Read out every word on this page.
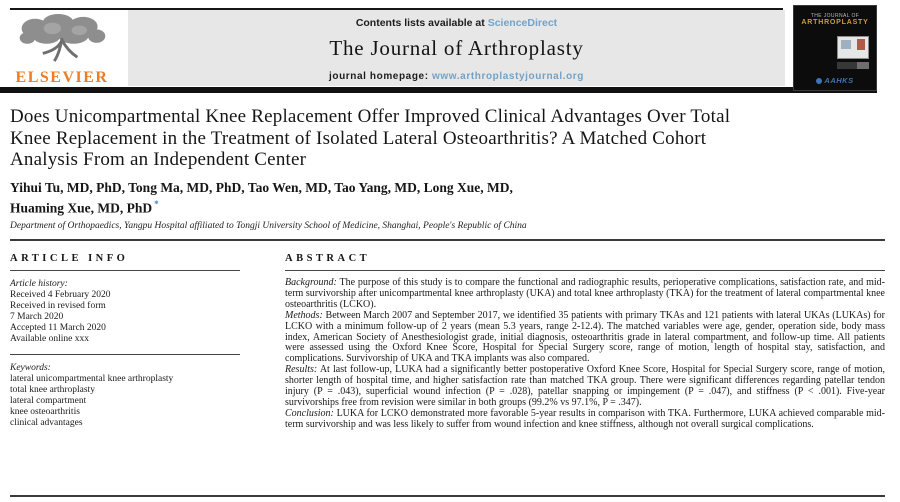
ELSEVIER
Contents lists available at ScienceDirect
The Journal of Arthroplasty
journal homepage: www.arthroplastyjournal.org
THE JOURNAL OF
ARTHROPLASTY
AAHKS
Does Unicompartmental Knee Replacement Offer Improved Clinical Advantages Over Total Knee Replacement in the Treatment of Isolated Lateral Osteoarthritis? A Matched Cohort Analysis From an Independent Center
Yihui Tu, MD, PhD, Tong Ma, MD, PhD, Tao Wen, MD, Tao Yang, MD, Long Xue, MD,
Huaming Xue, MD, PhD *
Department of Orthopaedics, Yangpu Hospital affiliated to Tongji University School of Medicine, Shanghai, People's Republic of China
ARTICLE INFO
Article history:
Received 4 February 2020
Received in revised form
7 March 2020
Accepted 11 March 2020
Available online xxx
Keywords:
lateral unicompartmental knee arthroplasty
total knee arthroplasty
lateral compartment
knee osteoarthritis
clinical advantages
ABSTRACT

Background: The purpose of this study is to compare the functional and radiographic results, perioperative complications, satisfaction rate, and mid-term survivorship after unicompartmental knee arthroplasty (UKA) and total knee arthroplasty (TKA) for the treatment of lateral compartmental knee osteoarthritis (LCKO).

Methods: Between March 2007 and September 2017, we identified 35 patients with primary TKAs and 121 patients with lateral UKAs (LUKAs) for LCKO with a minimum follow-up of 2 years (mean 5.3 years, range 2-12.4). The matched variables were age, gender, operation side, body mass index, American Society of Anesthesiologist grade, initial diagnosis, osteoarthritis grade in lateral compartment, and follow-up time. All patients were assessed using the Oxford Knee Score, Hospital for Special Surgery score, range of motion, length of hospital stay, satisfaction, and complications. Survivorship of UKA and TKA implants was also compared.

Results: At last follow-up, LUKA had a significantly better postoperative Oxford Knee Score, Hospital for Special Surgery score, range of motion, shorter length of hospital time, and higher satisfaction rate than matched TKA group. There were significant differences regarding patellar tendon injury (P = .043), superficial wound infection (P = .028), patellar snapping or impingement (P = .047), and stiffness (P < .001). Five-year survivorships free from revision were similar in both groups (99.2% vs 97.1%, P = .347).

Conclusion: LUKA for LCKO demonstrated more favorable 5-year results in comparison with TKA. Furthermore, LUKA achieved comparable mid-term survivorship and was less likely to suffer from wound infection and knee stiffness, although not overall surgical complications.
